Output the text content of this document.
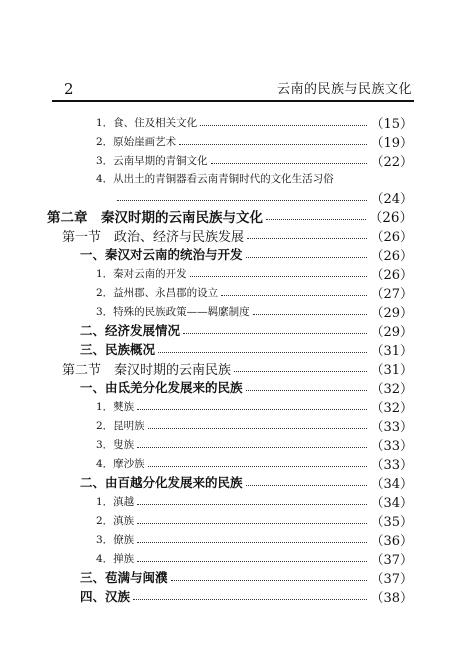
2	云南的民族与民族文化
1．食、住及相关文化	（15）
2．原始崖画艺术	（19）
3．云南早期的青铜文化	（22）
4．从出土的青铜器看云南青铜时代的文化生活习俗
（24）
第二章　秦汉时期的云南民族与文化	（26）
第一节　政治、经济与民族发展	（26）
一、秦汉对云南的统治与开发	（26）
1．秦对云南的开发	（26）
2．益州郡、永昌郡的设立	（27）
3．特殊的民族政策——羁縻制度	（29）
二、经济发展情况	（29）
三、民族概况	（31）
第二节　秦汉时期的云南民族	（31）
一、由氐羌分化发展来的民族	（32）
1．僰族	（32）
2．昆明族	（33）
3．叟族	（33）
4．摩沙族	（33）
二、由百越分化发展来的民族	（34）
1．滇越	（34）
2．滇族	（35）
3．僚族	（36）
4．掸族	（37）
三、苞满与闽濮	（37）
四、汉族	（38）
